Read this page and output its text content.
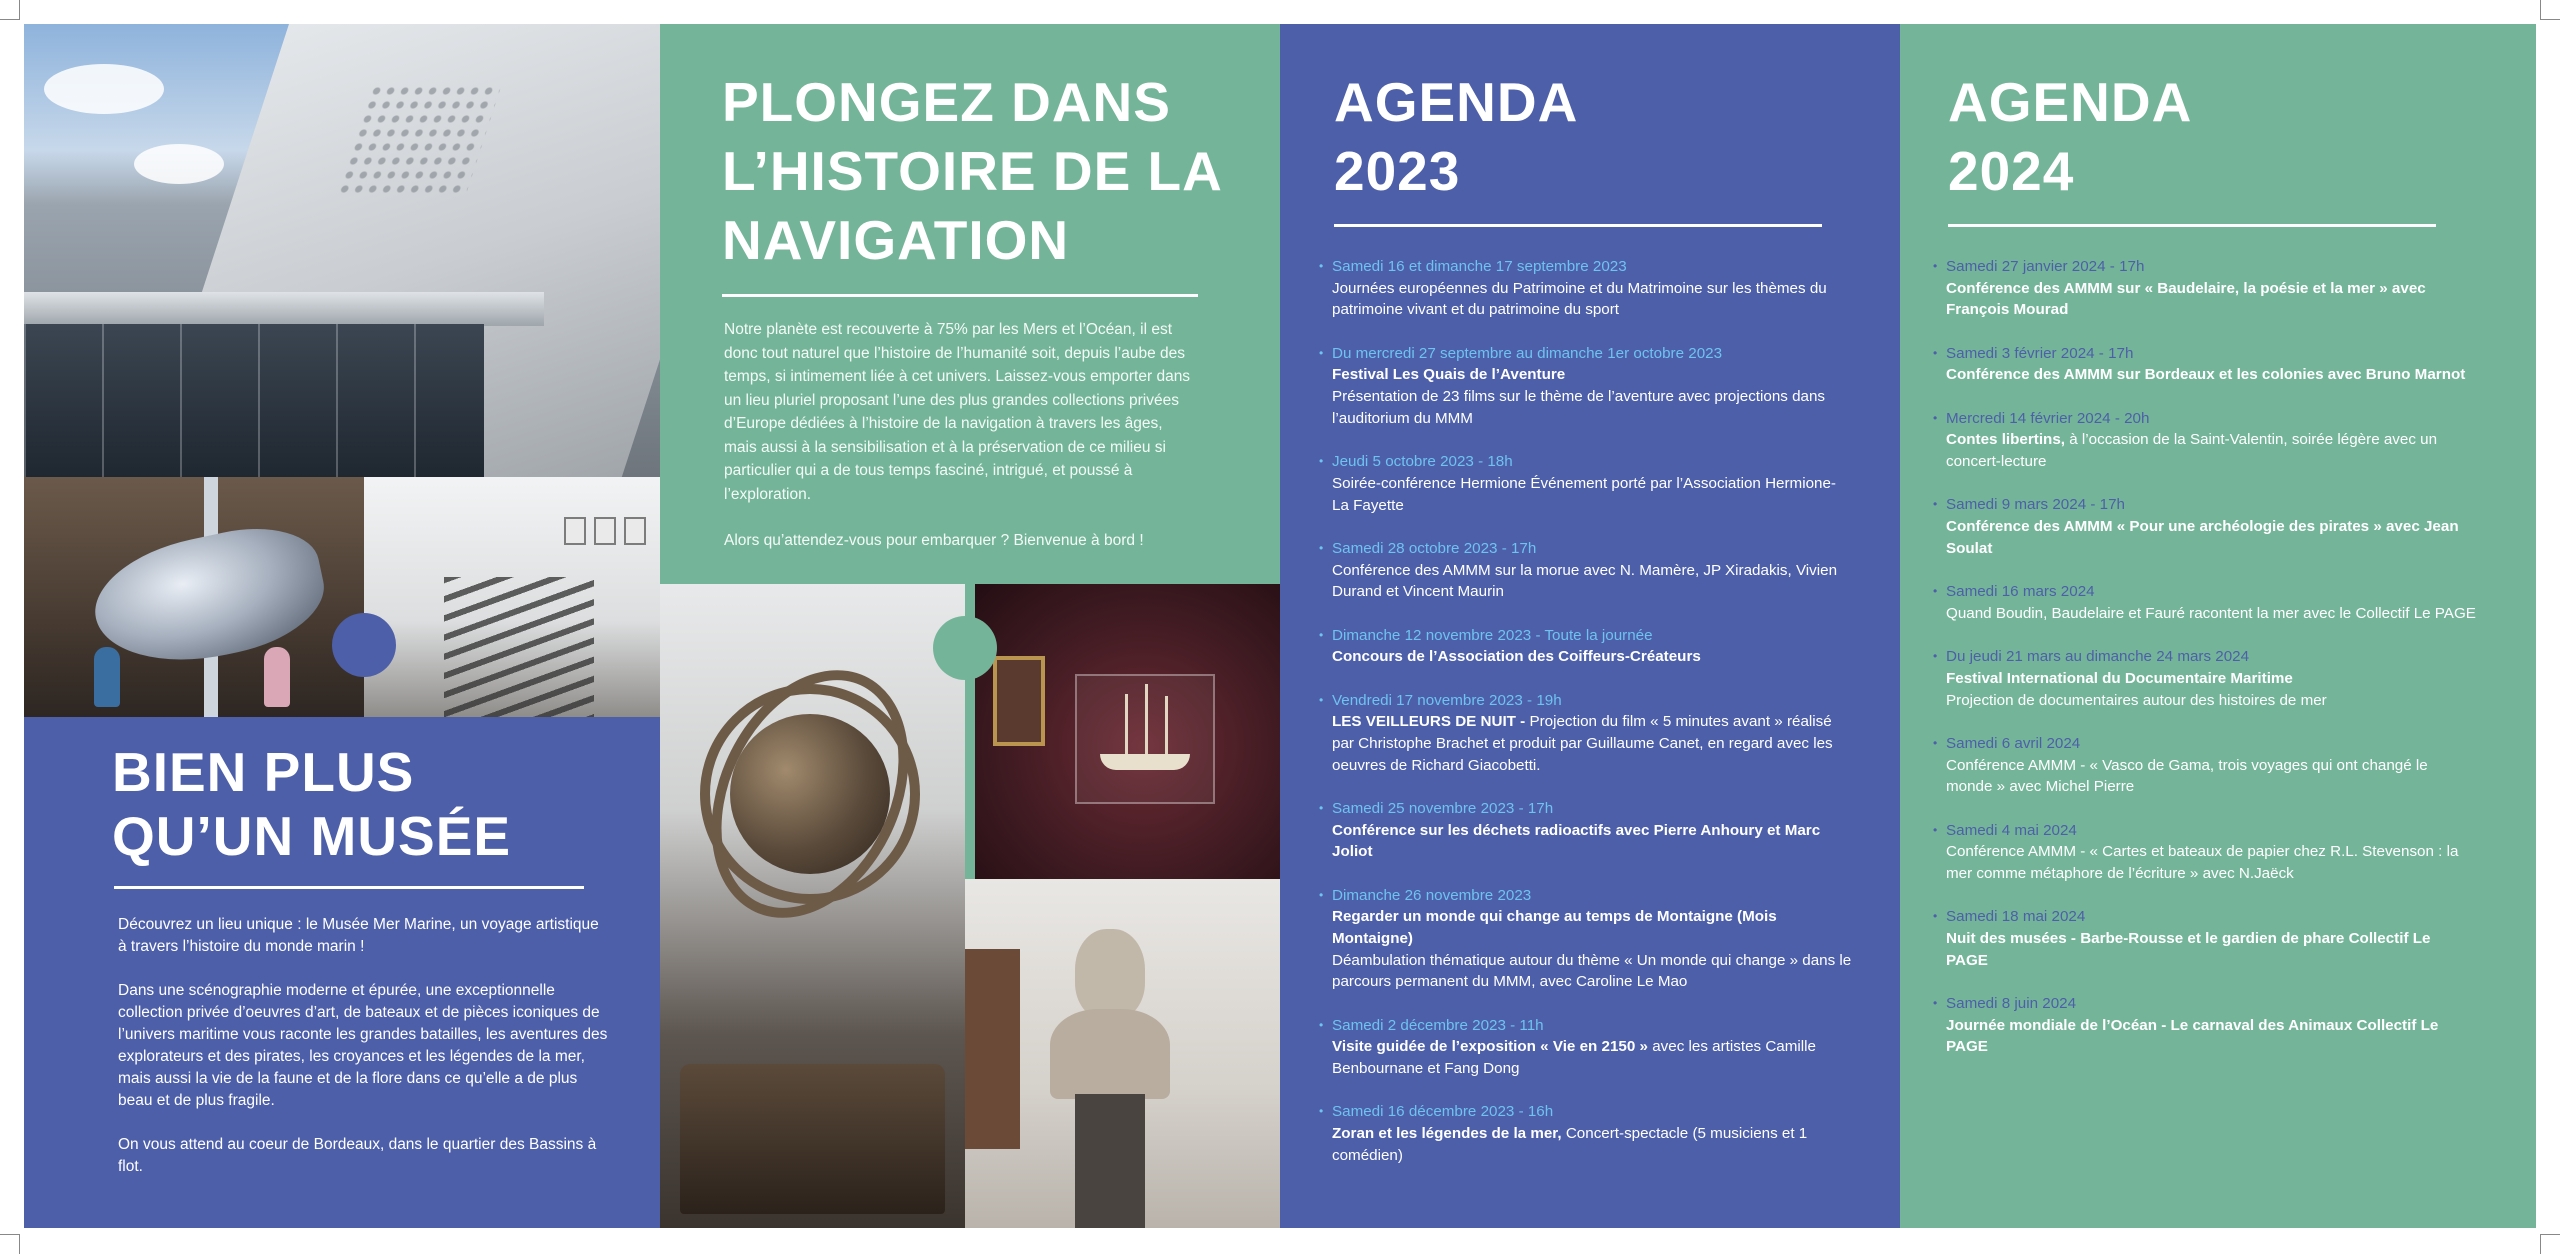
BIEN PLUS
QU’UN MUSÉE

Découvrez un lieu unique : le Musée Mer Marine, un voyage artistique à travers l’histoire du monde marin !

Dans une scénographie moderne et épurée, une exceptionnelle collection privée d’oeuvres d’art, de bateaux et de pièces iconiques de l’univers maritime vous raconte les grandes batailles, les aventures des explorateurs et des pirates, les croyances et les légendes de la mer, mais aussi la vie de la faune et de la flore dans ce qu’elle a de plus beau et de plus fragile.

On vous attend au coeur de Bordeaux, dans le quartier des Bassins à flot.

PLONGEZ DANS
L’HISTOIRE DE LA
NAVIGATION

Notre planète est recouverte à 75% par les Mers et l’Océan, il est donc tout naturel que l’histoire de l’humanité soit, depuis l’aube des temps, si intimement liée à cet univers. Laissez-vous emporter dans un lieu pluriel proposant l’une des plus grandes collections privées d’Europe dédiées à l’histoire de la navigation à travers les âges, mais aussi à la sensibilisation et à la préservation de ce milieu si particulier qui a de tous temps fasciné, intrigué, et poussé à l’exploration.

Alors qu’attendez-vous pour embarquer ? Bienvenue à bord !

AGENDA
2023
• Samedi 16 et dimanche 17 septembre 2023
Journées européennes du Patrimoine et du Matrimoine sur les thèmes du patrimoine vivant et du patrimoine du sport
• Du mercredi 27 septembre au dimanche 1er octobre 2023
Festival Les Quais de l’Aventure
Présentation de 23 films sur le thème de l’aventure avec projections dans l’auditorium du MMM
• Jeudi 5 octobre 2023 - 18h
Soirée-conférence Hermione Événement porté par l’Association Hermione-La Fayette
• Samedi 28 octobre 2023 - 17h
Conférence des AMMM sur la morue avec N. Mamère, JP Xiradakis, Vivien Durand et Vincent Maurin
• Dimanche 12 novembre 2023 - Toute la journée
Concours de l’Association des Coiffeurs-Créateurs
• Vendredi 17 novembre 2023 - 19h
LES VEILLEURS DE NUIT - Projection du film « 5 minutes avant » réalisé par Christophe Brachet et produit par Guillaume Canet, en regard avec les oeuvres de Richard Giacobetti.
• Samedi 25 novembre 2023 - 17h
Conférence sur les déchets radioactifs avec Pierre Anhoury et Marc Joliot
• Dimanche 26 novembre 2023
Regarder un monde qui change au temps de Montaigne (Mois Montaigne)
Déambulation thématique autour du thème « Un monde qui change » dans le parcours permanent du MMM, avec Caroline Le Mao
• Samedi 2 décembre 2023 - 11h
Visite guidée de l’exposition « Vie en 2150 » avec les artistes Camille Benbournane et Fang Dong
• Samedi 16 décembre 2023 - 16h
Zoran et les légendes de la mer, Concert-spectacle (5 musiciens et 1 comédien)
AGENDA
2024
• Samedi 27 janvier 2024 - 17h
Conférence des AMMM sur « Baudelaire, la poésie et la mer » avec François Mourad
• Samedi 3 février 2024 - 17h
Conférence des AMMM sur Bordeaux et les colonies avec Bruno Marnot
• Mercredi 14 février 2024 - 20h
Contes libertins, à l’occasion de la Saint-Valentin, soirée légère avec un concert-lecture
• Samedi 9 mars 2024 - 17h
Conférence des AMMM « Pour une archéologie des pirates » avec Jean Soulat
• Samedi 16 mars 2024
Quand Boudin, Baudelaire et Fauré racontent la mer avec le Collectif Le PAGE
• Du jeudi 21 mars au dimanche 24 mars 2024
Festival International du Documentaire Maritime
Projection de documentaires autour des histoires de mer
• Samedi 6 avril 2024
Conférence AMMM - « Vasco de Gama, trois voyages qui ont changé le monde » avec Michel Pierre
• Samedi 4 mai 2024
Conférence AMMM - « Cartes et bateaux de papier chez R.L. Stevenson : la mer comme métaphore de l’écriture » avec N.Jaëck
• Samedi 18 mai 2024
Nuit des musées - Barbe-Rousse et le gardien de phare Collectif Le PAGE
• Samedi 8 juin 2024
Journée mondiale de l’Océan - Le carnaval des Animaux Collectif Le PAGE
